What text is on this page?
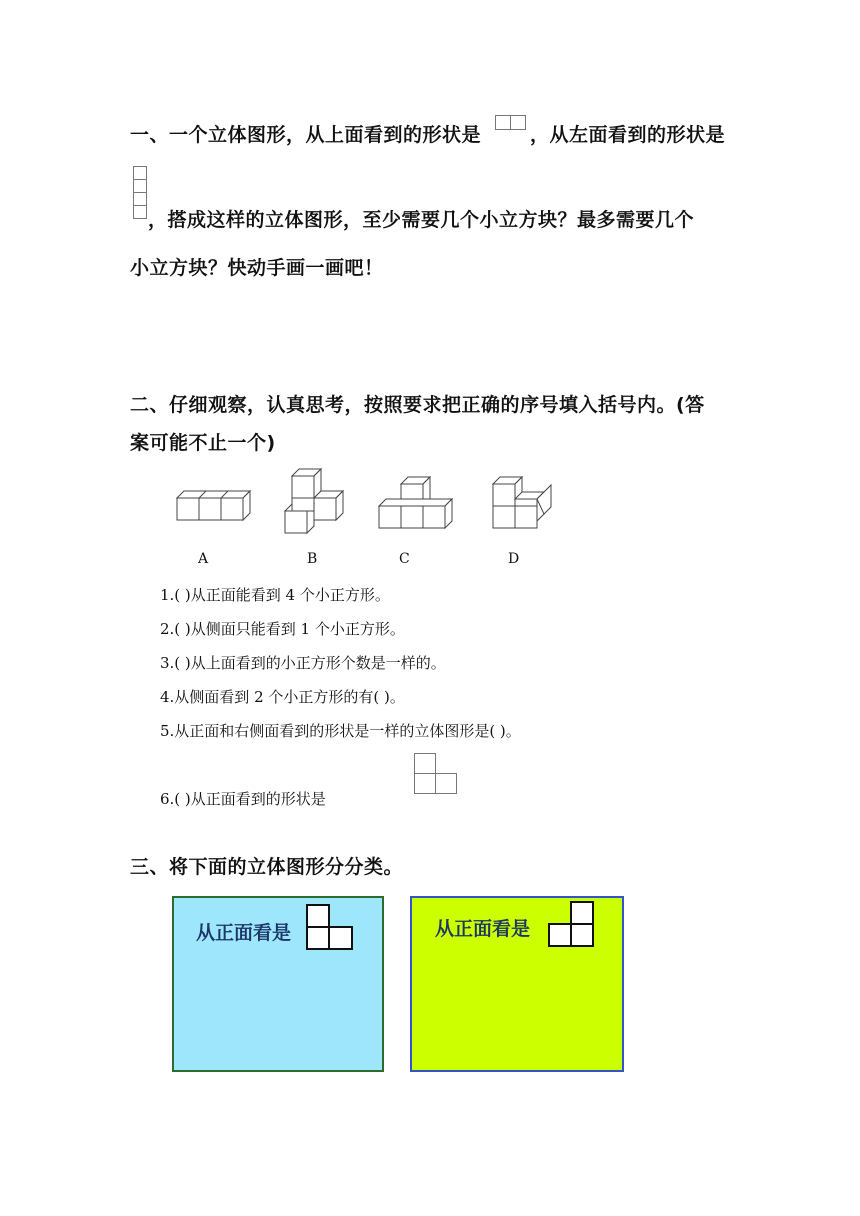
一、一个立体图形，从上面看到的形状是	，从左面看到的形状是
，搭成这样的立体图形，至少需要几个小立方块？最多需要几个
小立方块？快动手画一画吧！
二、仔细观察，认真思考，按照要求把正确的序号填入括号内。(答
案可能不止一个)
A	B	C	D
1.( )从正面能看到 4 个小正方形。
2.( )从侧面只能看到 1 个小正方形。
3.( )从上面看到的小正方形个数是一样的。
4.从侧面看到 2 个小正方形的有( )。
5.从正面和右侧面看到的形状是一样的立体图形是( )。
6.( )从正面看到的形状是
三、将下面的立体图形分分类。
从正面看是	从正面看是
